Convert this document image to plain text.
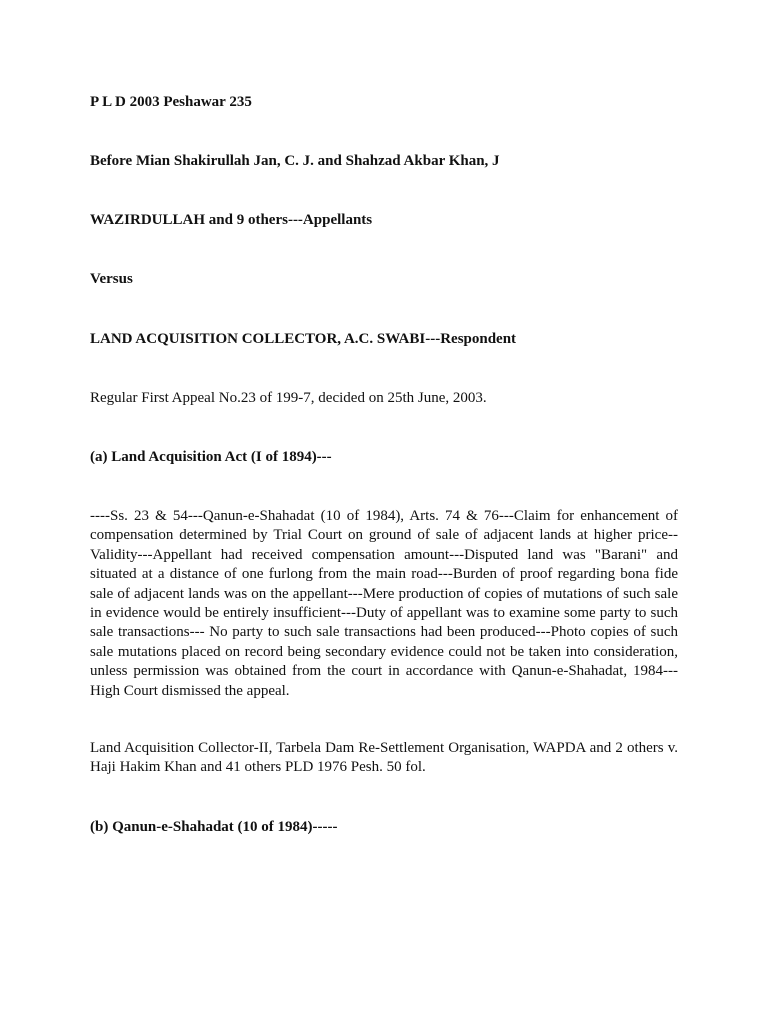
P L D 2003 Peshawar 235
Before Mian Shakirullah Jan, C. J. and Shahzad Akbar Khan, J
WAZIRDULLAH and 9 others---Appellants
Versus
LAND ACQUISITION COLLECTOR, A.C. SWABI---Respondent
Regular First Appeal No.23 of 199-7, decided on 25th June, 2003.
(a) Land Acquisition Act (I of 1894)---
----Ss. 23 & 54---Qanun-e-Shahadat (10 of 1984), Arts. 74 & 76---Claim for enhancement of compensation determined by Trial Court on ground of sale of adjacent lands at higher price--Validity---Appellant had received compensation amount---Disputed land was "Barani" and situated at a distance of one furlong from the main road---Burden of proof regarding bona fide sale of adjacent lands was on the appellant---Mere production of copies of mutations of such sale in evidence would be entirely insufficient---Duty of appellant was to examine some party to such sale transactions--- No party to such sale transactions had been produced---Photo copies of such sale mutations placed on record being secondary evidence could not be taken into consideration, unless permission was obtained from the court in accordance with Qanun-e-Shahadat, 1984---High Court dismissed the appeal.
Land Acquisition Collector-II, Tarbela Dam Re-Settlement Organisation, WAPDA and 2 others v. Haji Hakim Khan and 41 others PLD 1976 Pesh. 50 fol.
(b) Qanun-e-Shahadat (10 of 1984)-----
